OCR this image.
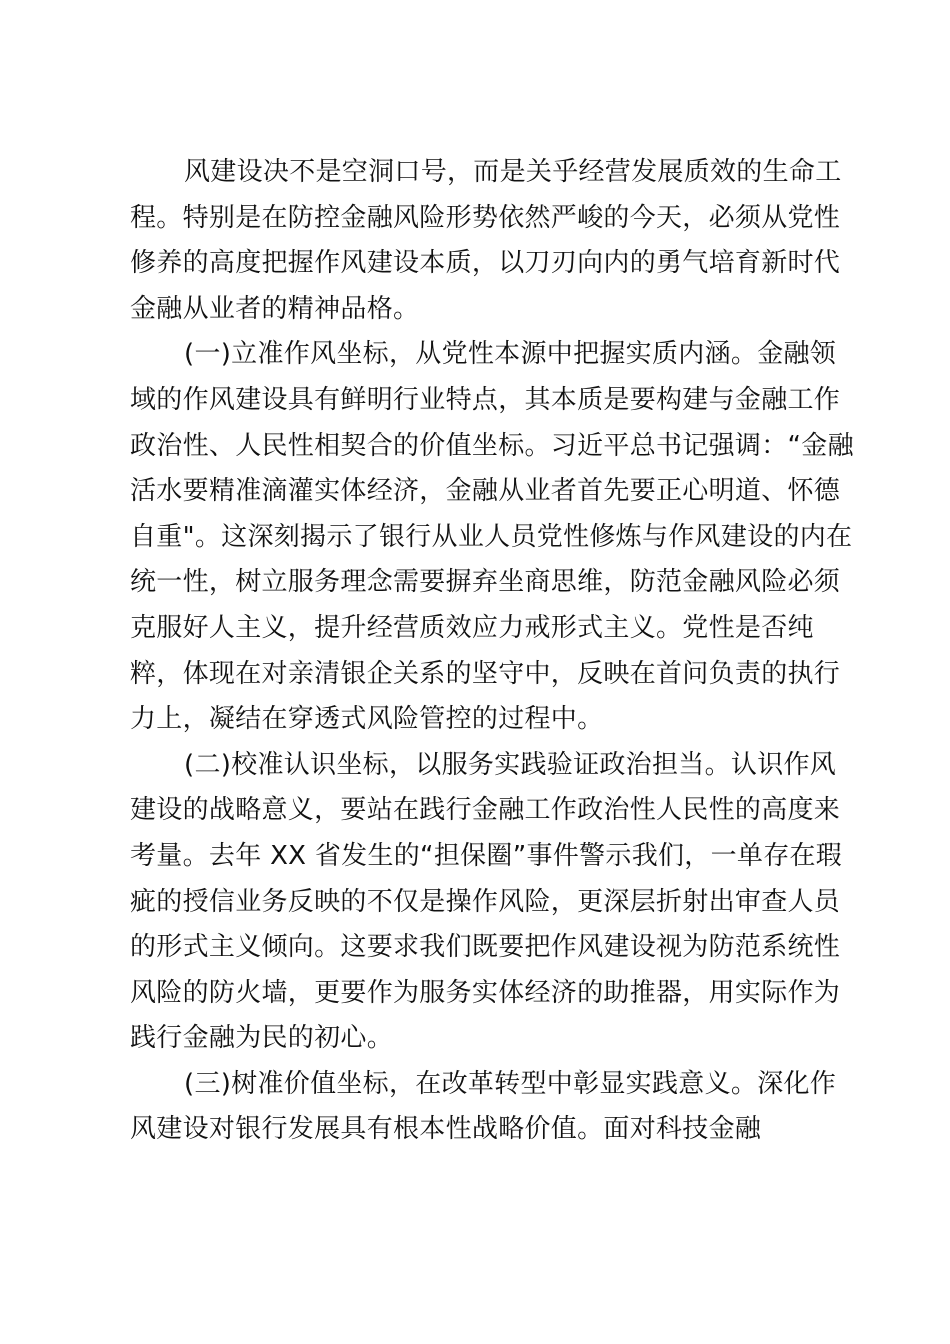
风建设决不是空洞口号，而是关乎经营发展质效的生命工
程。特别是在防控金融风险形势依然严峻的今天，必须从党性
修养的高度把握作风建设本质，以刀刃向内的勇气培育新时代
金融从业者的精神品格。
(一)立准作风坐标，从党性本源中把握实质内涵。金融领
域的作风建设具有鲜明行业特点，其本质是要构建与金融工作
政治性、人民性相契合的价值坐标。习近平总书记强调：“金融
活水要精准滴灌实体经济，金融从业者首先要正心明道、怀德
自重"。这深刻揭示了银行从业人员党性修炼与作风建设的内在
统一性，树立服务理念需要摒弃坐商思维，防范金融风险必须
克服好人主义，提升经营质效应力戒形式主义。党性是否纯
粹，体现在对亲清银企关系的坚守中，反映在首问负责的执行
力上，凝结在穿透式风险管控的过程中。
(二)校准认识坐标，以服务实践验证政治担当。认识作风
建设的战略意义，要站在践行金融工作政治性人民性的高度来
考量。去年 XX 省发生的“担保圈”事件警示我们，一单存在瑕
疵的授信业务反映的不仅是操作风险，更深层折射出审查人员
的形式主义倾向。这要求我们既要把作风建设视为防范系统性
风险的防火墙，更要作为服务实体经济的助推器，用实际作为
践行金融为民的初心。
(三)树准价值坐标，在改革转型中彰显实践意义。深化作
风建设对银行发展具有根本性战略价值。面对科技金融
